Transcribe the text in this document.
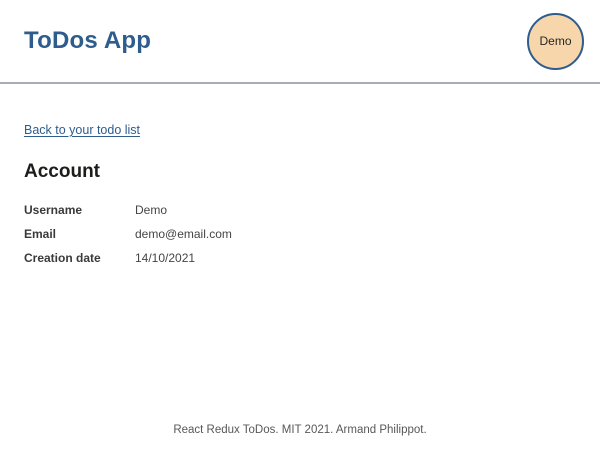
ToDos App	Demo
Back to your todo list
Account
Username	Demo
Email	demo@email.com
Creation date	14/10/2021
React Redux ToDos. MIT 2021. Armand Philippot.
